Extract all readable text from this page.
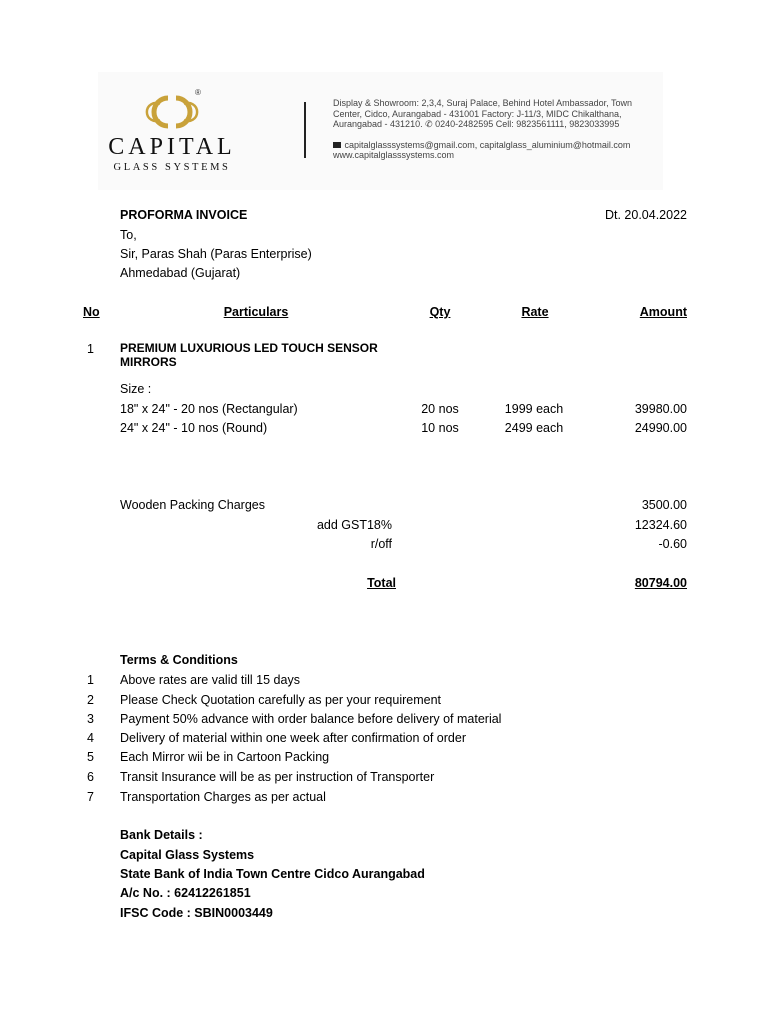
®
CAPITAL
GLASS SYSTEMS
Display & Showroom: 2,3,4, Suraj Palace, Behind Hotel Ambassador, Town
Center, Cidco, Aurangabad - 431001 Factory: J-11/3, MIDC Chikalthana,
Aurangabad - 431210. ✆ 0240-2482595 Cell: 9823561111, 9823033995
capitalglasssystems@gmail.com, capitalglass_aluminium@hotmail.com
www.capitalglasssystems.com
PROFORMA INVOICE	Dt. 20.04.2022
To,
Sir, Paras Shah (Paras Enterprise)
Ahmedabad (Gujarat)
No	Particulars	Qty	Rate	Amount
1 PREMIUM LUXURIOUS LED TOUCH SENSOR
MIRRORS
Size :
18" x 24" - 20 nos (Rectangular)	20 nos	1999 each	39980.00
24" x 24" - 10 nos (Round)	10 nos	2499 each	24990.00
Wooden Packing Charges	3500.00
add GST18%	12324.60
r/off	-0.60
Total	80794.00
Terms & Conditions
1 Above rates are valid till 15 days
2 Please Check Quotation carefully as per your requirement
3 Payment 50% advance with order balance before delivery of material
4 Delivery of material within one week after confirmation of order
5 Each Mirror wii be in Cartoon Packing
6 Transit Insurance will be as per instruction of Transporter
7 Transportation Charges as per actual
Bank Details :
Capital Glass Systems
State Bank of India Town Centre Cidco Aurangabad
A/c No. : 62412261851
IFSC Code : SBIN0003449
